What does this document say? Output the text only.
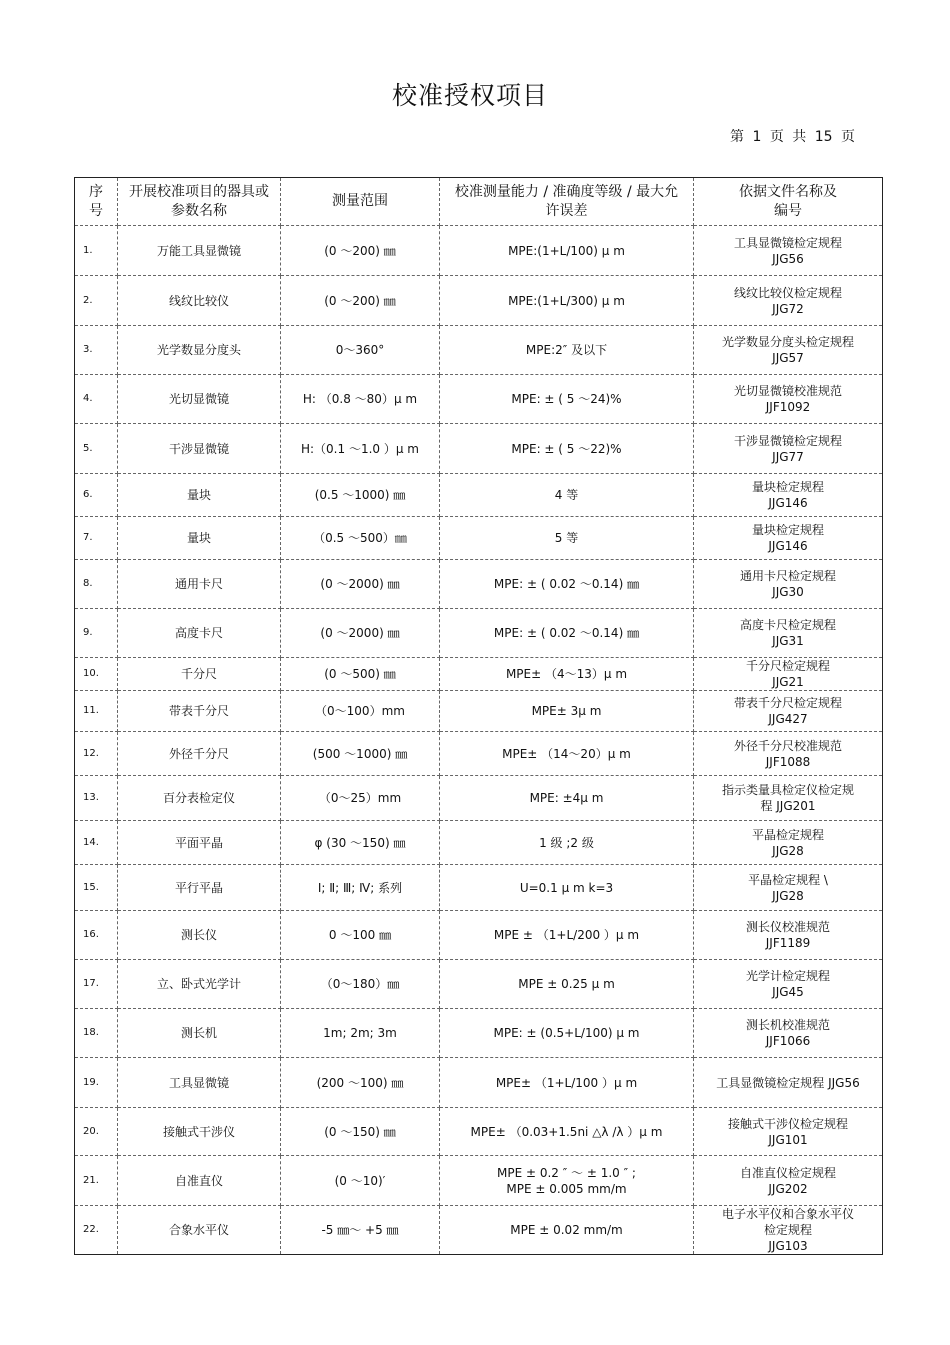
校准授权项目
第 1 页 共 15 页
序号	开展校准项目的器具或参数名称	测量范围	校准测量能力 / 准确度等级 / 最大允许误差	依据文件名称及编号
1.	万能工具显微镜	(0 ～200) ㎜	MPE:(1+L/100) μ m	工具显微镜检定规程
JJG56
2.	线纹比较仪	(0 ～200) ㎜	MPE:(1+L/300) μ m	线纹比较仪检定规程
JJG72
3.	光学数显分度头	0～360°	MPE:2″ 及以下	光学数显分度头检定规程
JJG57
4.	光切显微镜	H: （0.8 ～80）μ m	MPE: ± ( 5 ～24)%	光切显微镜校准规范
JJF1092
5.	干涉显微镜	H:（0.1 ～1.0 ）μ m	MPE: ± ( 5 ～22)%	干涉显微镜检定规程
JJG77
6.	量块	(0.5 ～1000) ㎜	4 等	量块检定规程
JJG146
7.	量块	（0.5 ～500）㎜	5 等	量块检定规程
JJG146
8.	通用卡尺	(0 ～2000) ㎜	MPE: ± ( 0.02 ～0.14) ㎜	通用卡尺检定规程
JJG30
9.	高度卡尺	(0 ～2000) ㎜	MPE: ± ( 0.02 ～0.14) ㎜	高度卡尺检定规程
JJG31
10.	千分尺	(0 ～500) ㎜	MPE± （4～13）μ m	千分尺检定规程
JJG21
11.	带表千分尺	（0～100）mm	MPE± 3μ m	带表千分尺检定规程
JJG427
12.	外径千分尺	(500 ～1000) ㎜	MPE± （14～20）μ m	外径千分尺校准规范
JJF1088
13.	百分表检定仪	（0～25）mm	MPE: ±4μ m	指示类量具检定仪检定规
程 JJG201
14.	平面平晶	φ (30 ～150) ㎜	1 级 ;2 级	平晶检定规程
JJG28
15.	平行平晶	Ⅰ; Ⅱ; Ⅲ; Ⅳ; 系列	U=0.1 μ m k=3	平晶检定规程 \
JJG28
16.	测长仪	0 ～100 ㎜	MPE ± （1+L/200 ）μ m	测长仪校准规范
JJF1189
17.	立、卧式光学计	（0～180）㎜	MPE ± 0.25 μ m	光学计检定规程
JJG45
18.	测长机	1m; 2m; 3m	MPE: ± (0.5+L/100) μ m	测长机校准规范
JJF1066
19.	工具显微镜	(200 ～100) ㎜	MPE± （1+L/100 ）μ m	工具显微镜检定规程 JJG56
20.	接触式干涉仪	(0 ～150) ㎜	MPE± （0.03+1.5ni △λ /λ ）μ m	接触式干涉仪检定规程
JJG101
21.	自准直仪	(0 ～10)′	MPE ± 0.2 ″ ～ ± 1.0 ″ ;
MPE ± 0.005 mm/m	自准直仪检定规程
JJG202
22.	合象水平仪	-5 ㎜～ +5 ㎜	MPE ± 0.02 mm/m	电子水平仪和合象水平仪
检定规程
JJG103
